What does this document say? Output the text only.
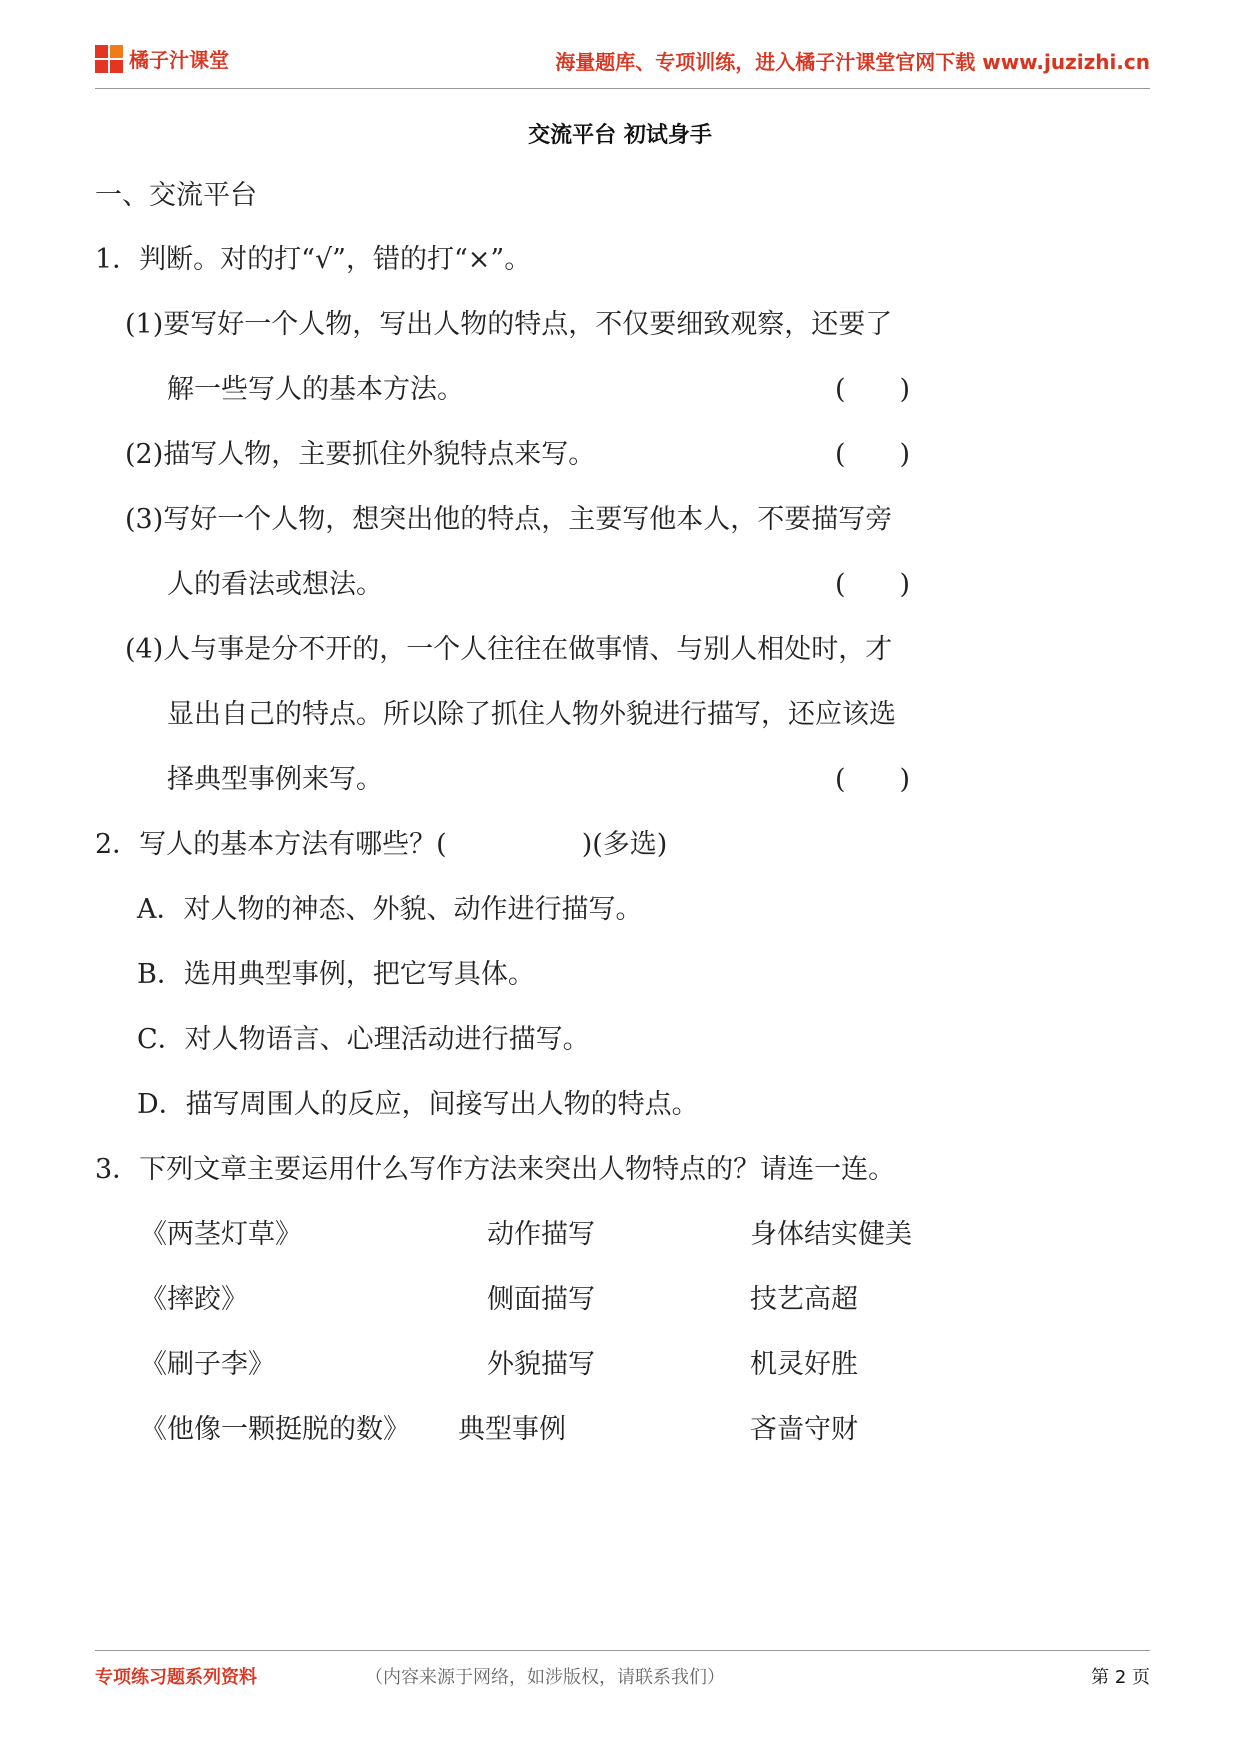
橘子汁课堂	海量题库、专项训练，进入橘子汁课堂官网下载 www.juzizhi.cn
交流平台 初试身手
一、交流平台
1．判断。对的打“√”，错的打“×”。
(1)要写好一个人物，写出人物的特点，不仅要细致观察，还要了
解一些写人的基本方法。	(　　)
(2)描写人物，主要抓住外貌特点来写。	(　　)
(3)写好一个人物，想突出他的特点，主要写他本人，不要描写旁
人的看法或想法。	(　　)
(4)人与事是分不开的，一个人往往在做事情、与别人相处时，才
显出自己的特点。所以除了抓住人物外貌进行描写，还应该选
择典型事例来写。	(　　)
2．写人的基本方法有哪些？(　　　　　)(多选)
A．对人物的神态、外貌、动作进行描写。
B．选用典型事例，把它写具体。
C．对人物语言、心理活动进行描写。
D．描写周围人的反应，间接写出人物的特点。
3．下列文章主要运用什么写作方法来突出人物特点的？请连一连。
《两茎灯草》	动作描写	身体结实健美
《摔跤》	侧面描写	技艺高超
《刷子李》	外貌描写	机灵好胜
《他像一颗挺脱的数》 典型事例	吝啬守财
专项练习题系列资料	（内容来源于网络，如涉版权，请联系我们）	第 2 页
